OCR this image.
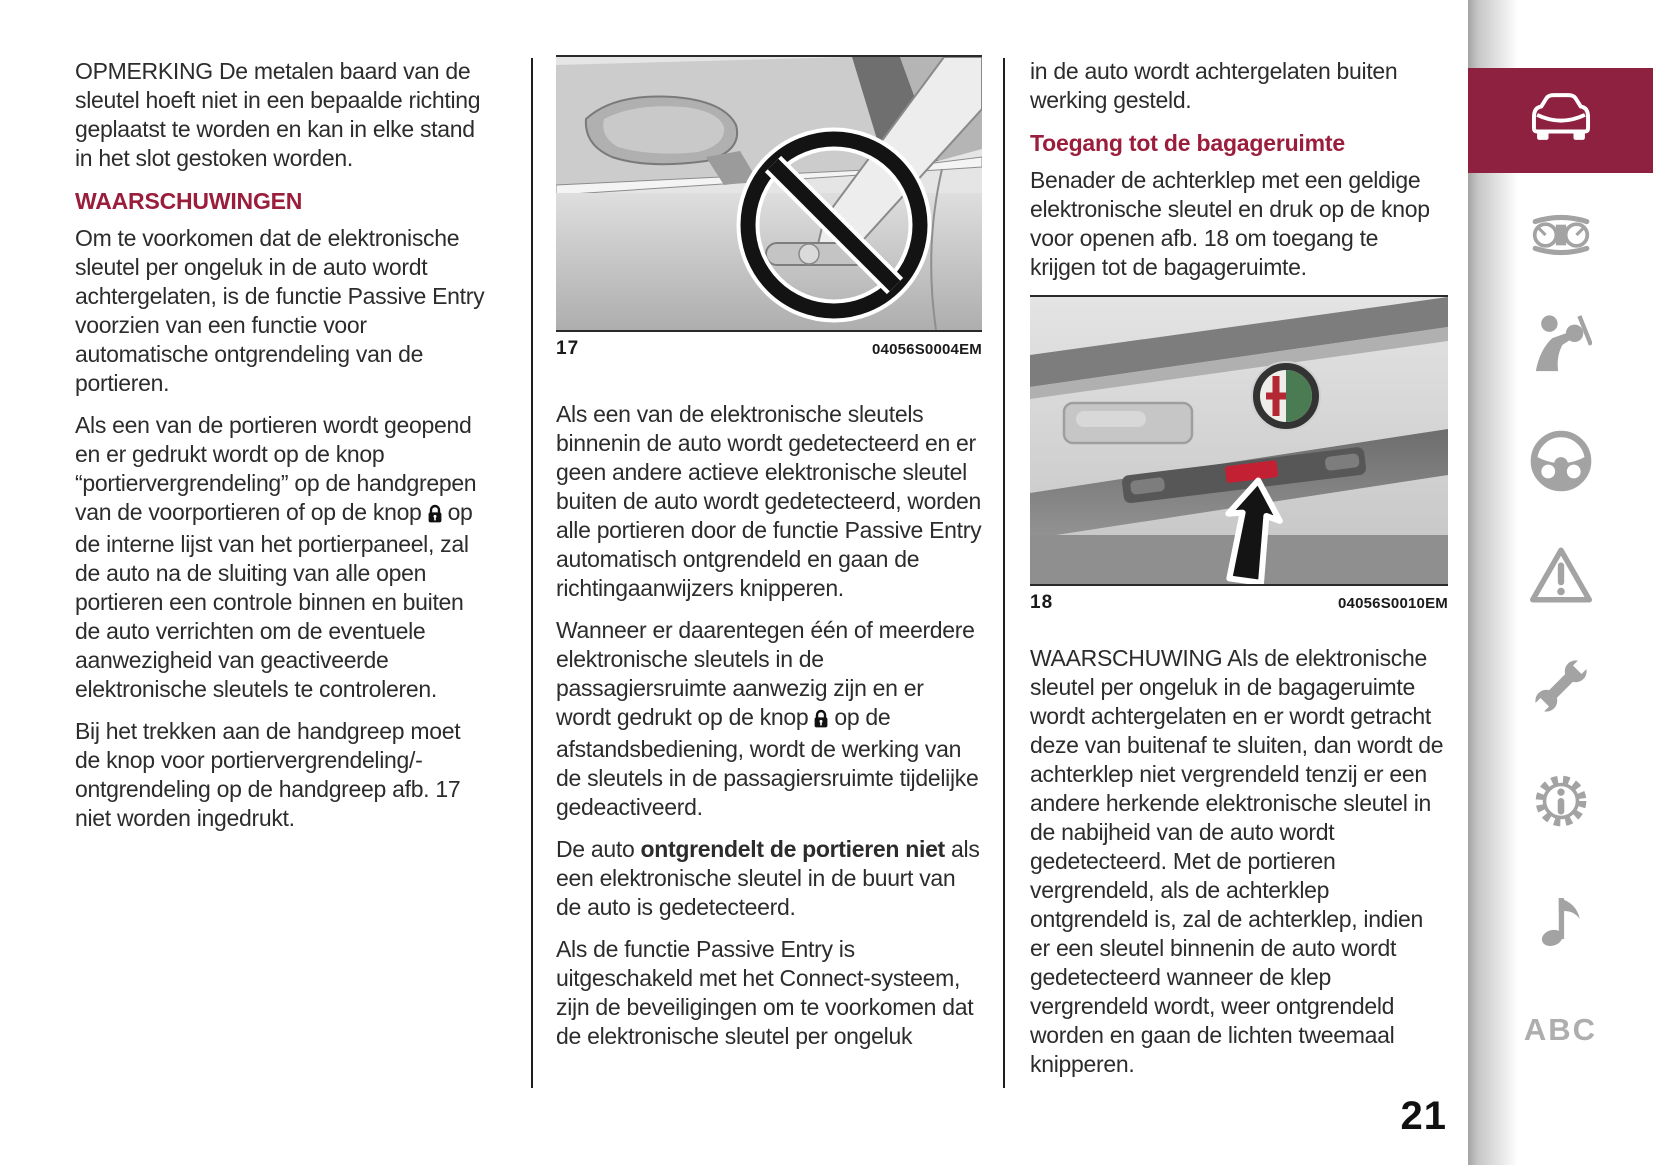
OPMERKING De metalen baard van de sleutel hoeft niet in een bepaalde richting geplaatst te worden en kan in elke stand in het slot gestoken worden.

WAARSCHUWINGEN

Om te voorkomen dat de elektronische sleutel per ongeluk in de auto wordt achtergelaten, is de functie Passive Entry voorzien van een functie voor automatische ontgrendeling van de portieren.

Als een van de portieren wordt geopend en er gedrukt wordt op de knop “portiervergrendeling” op de handgrepen van de voorportieren of op de knop op de interne lijst van het portierpaneel, zal de auto na de sluiting van alle open portieren een controle binnen en buiten de auto verrichten om de eventuele aanwezigheid van geactiveerde elektronische sleutels te controleren.

Bij het trekken aan de handgreep moet de knop voor portiervergrendeling/- ontgrendeling op de handgreep afb. 17 niet worden ingedrukt.

17	04056S0004EM

Als een van de elektronische sleutels binnenin de auto wordt gedetecteerd en er geen andere actieve elektronische sleutel buiten de auto wordt gedetecteerd, worden alle portieren door de functie Passive Entry automatisch ontgrendeld en gaan de richtingaanwijzers knipperen.

Wanneer er daarentegen één of meerdere elektronische sleutels in de passagiersruimte aanwezig zijn en er wordt gedrukt op de knop op de afstandsbediening, wordt de werking van de sleutels in de passagiersruimte tijdelijke gedeactiveerd.

De auto ontgrendelt de portieren niet als een elektronische sleutel in de buurt van de auto is gedetecteerd.

Als de functie Passive Entry is uitgeschakeld met het Connect-systeem, zijn de beveiligingen om te voorkomen dat de elektronische sleutel per ongeluk

in de auto wordt achtergelaten buiten werking gesteld.

Toegang tot de bagageruimte

Benader de achterklep met een geldige elektronische sleutel en druk op de knop voor openen afb. 18 om toegang te krijgen tot de bagageruimte.

18	04056S0010EM

WAARSCHUWING Als de elektronische sleutel per ongeluk in de bagageruimte wordt achtergelaten en er wordt getracht deze van buitenaf te sluiten, dan wordt de achterklep niet vergrendeld tenzij er een andere herkende elektronische sleutel in de nabijheid van de auto wordt gedetecteerd. Met de portieren vergrendeld, als de achterklep ontgrendeld is, zal de achterklep, indien er een sleutel binnenin de auto wordt gedetecteerd wanneer de klep vergrendeld wordt, weer ontgrendeld worden en gaan de lichten tweemaal knipperen.

21
ABC
